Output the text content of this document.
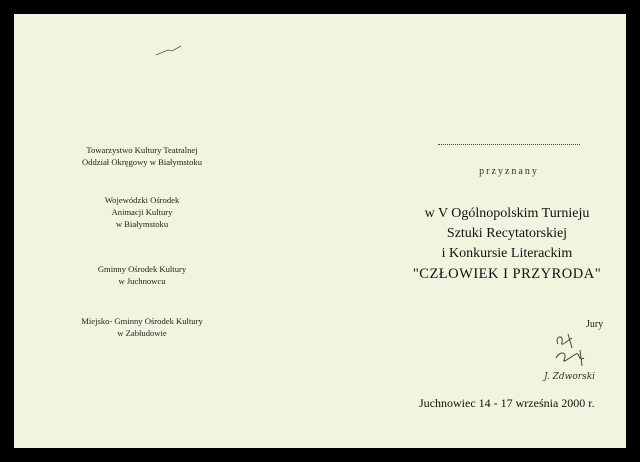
Towarzystwo Kultury Teatralnej
Oddział Okręgowy w Białymstoku
Wojewódzki Ośrodek
Animacji Kultury
w Białymstoku
Gminny Ośrodek Kultury
w Juchnowcu
Miejsko- Gminny Ośrodek Kultury
w Zabłudowie
przyznany
w V Ogólnopolskim Turnieju
Sztuki Recytatorskiej
i Konkursie Literackim
"CZŁOWIEK I PRZYRODA"
Jury
J. Zdworski
Juchnowiec 14 - 17 września 2000 r.
